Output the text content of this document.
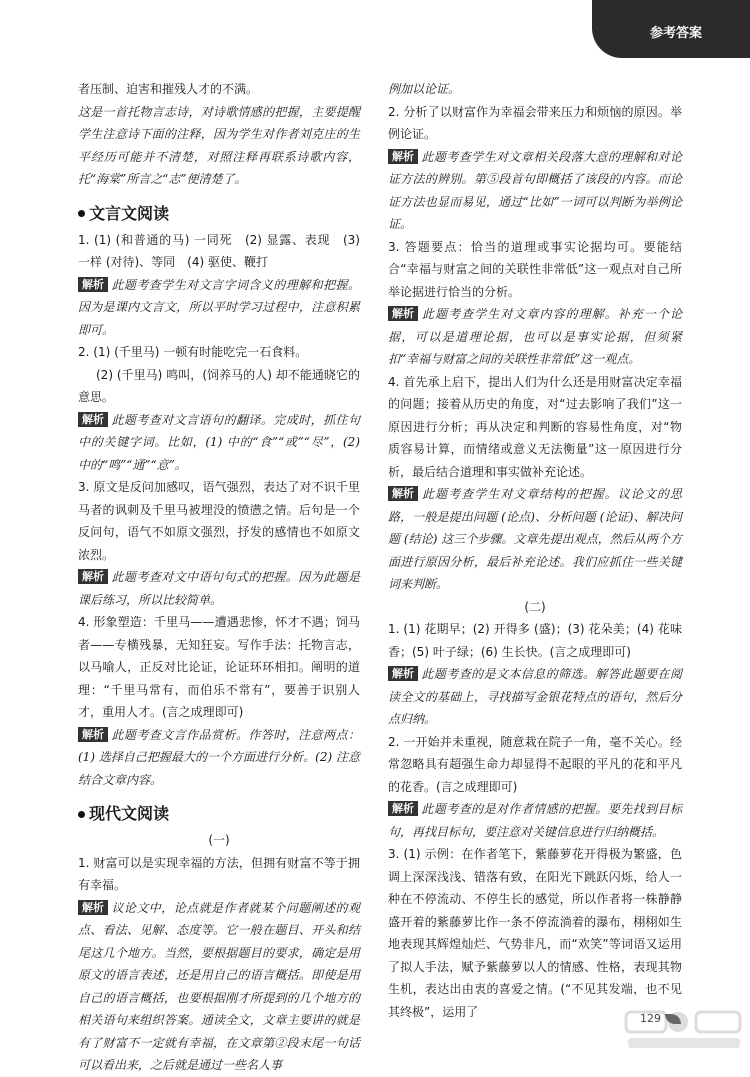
参考答案

者压制、迫害和摧残人才的不满。

这是一首托物言志诗，对诗歌情感的把握，主要提醒学生注意诗下面的注释，因为学生对作者刘克庄的生平经历可能并不清楚，对照注释再联系诗歌内容，托“海棠”所言之“志”便清楚了。

文言文阅读

1. (1) (和普通的马) 一同死　(2) 显露、表现　(3) 一样 (对待)、等同　(4) 驱使、鞭打

解析 此题考查学生对文言字词含义的理解和把握。因为是课内文言文，所以平时学习过程中，注意积累即可。

2. (1) (千里马) 一顿有时能吃完一石食料。

(2) (千里马) 鸣叫，(饲养马的人) 却不能通晓它的意思。

解析 此题考查对文言语句的翻译。完成时，抓住句中的关键字词。比如，(1) 中的“食”“或”“尽”，(2) 中的“鸣”“通”“意”。

3. 原文是反问加感叹，语气强烈，表达了对不识千里马者的讽刺及千里马被埋没的愤懑之情。后句是一个反问句，语气不如原文强烈，抒发的感情也不如原文浓烈。

解析 此题考查对文中语句句式的把握。因为此题是课后练习，所以比较简单。

4. 形象塑造：千里马——遭遇悲惨，怀才不遇；饲马者——专横残暴，无知狂妄。写作手法：托物言志，以马喻人，正反对比论证，论证环环相扣。阐明的道理：“千里马常有，而伯乐不常有”，要善于识别人才，重用人才。(言之成理即可)

解析 此题考查文言作品赏析。作答时，注意两点：(1) 选择自己把握最大的一个方面进行分析。(2) 注意结合文章内容。

现代文阅读

(一)

1. 财富可以是实现幸福的方法，但拥有财富不等于拥有幸福。

解析 议论文中，论点就是作者就某个问题阐述的观点、看法、见解、态度等。它一般在题目、开头和结尾这几个地方。当然，要根据题目的要求，确定是用原文的语言表述，还是用自己的语言概括。即使是用自己的语言概括，也要根据刚才所提到的几个地方的相关语句来组织答案。通读全文，文章主要讲的就是有了财富不一定就有幸福，在文章第②段末尾一句话可以看出来，之后就是通过一些名人事

例加以论证。

2. 分析了以财富作为幸福会带来压力和烦恼的原因。举例论证。

解析 此题考查学生对文章相关段落大意的理解和对论证方法的辨别。第⑤段首句即概括了该段的内容。而论证方法也显而易见，通过“比如”一词可以判断为举例论证。

3. 答题要点：恰当的道理或事实论据均可。要能结合“幸福与财富之间的关联性非常低”这一观点对自己所举论据进行恰当的分析。

解析 此题考查学生对文章内容的理解。补充一个论据，可以是道理论据，也可以是事实论据，但须紧扣“幸福与财富之间的关联性非常低”这一观点。

4. 首先承上启下，提出人们为什么还是用财富决定幸福的问题；接着从历史的角度，对“过去影响了我们”这一原因进行分析；再从决定和判断的容易性角度，对“物质容易计算，而情绪或意义无法衡量”这一原因进行分析，最后结合道理和事实做补充论述。

解析 此题考查学生对文章结构的把握。议论文的思路，一般是提出问题 (论点)、分析问题 (论证)、解决问题 (结论) 这三个步骤。文章先提出观点，然后从两个方面进行原因分析，最后补充论述。我们应抓住一些关键词来判断。

(二)

1. (1) 花期早；(2) 开得多 (盛)；(3) 花朵美；(4) 花味香；(5) 叶子绿；(6) 生长快。(言之成理即可)

解析 此题考查的是文本信息的筛选。解答此题要在阅读全文的基础上，寻找描写金银花特点的语句，然后分点归纳。

2. 一开始并未重视，随意栽在院子一角，毫不关心。经常忽略具有超强生命力却显得不起眼的平凡的花和平凡的花香。(言之成理即可)

解析 此题考查的是对作者情感的把握。要先找到目标句，再找目标句，要注意对关键信息进行归纳概括。

3. (1) 示例：在作者笔下，紫藤萝花开得极为繁盛，色调上深深浅浅、错落有致，在阳光下跳跃闪烁，给人一种在不停流动、不停生长的感觉，所以作者将一株静静盛开着的紫藤萝比作一条不停流淌着的瀑布，栩栩如生地表现其辉煌灿烂、气势非凡，而“欢笑”等词语又运用了拟人手法，赋予紫藤萝以人的情感、性格，表现其物生机，表达出由衷的喜爱之情。(“不见其发端，也不见其终极”，运用了	129
